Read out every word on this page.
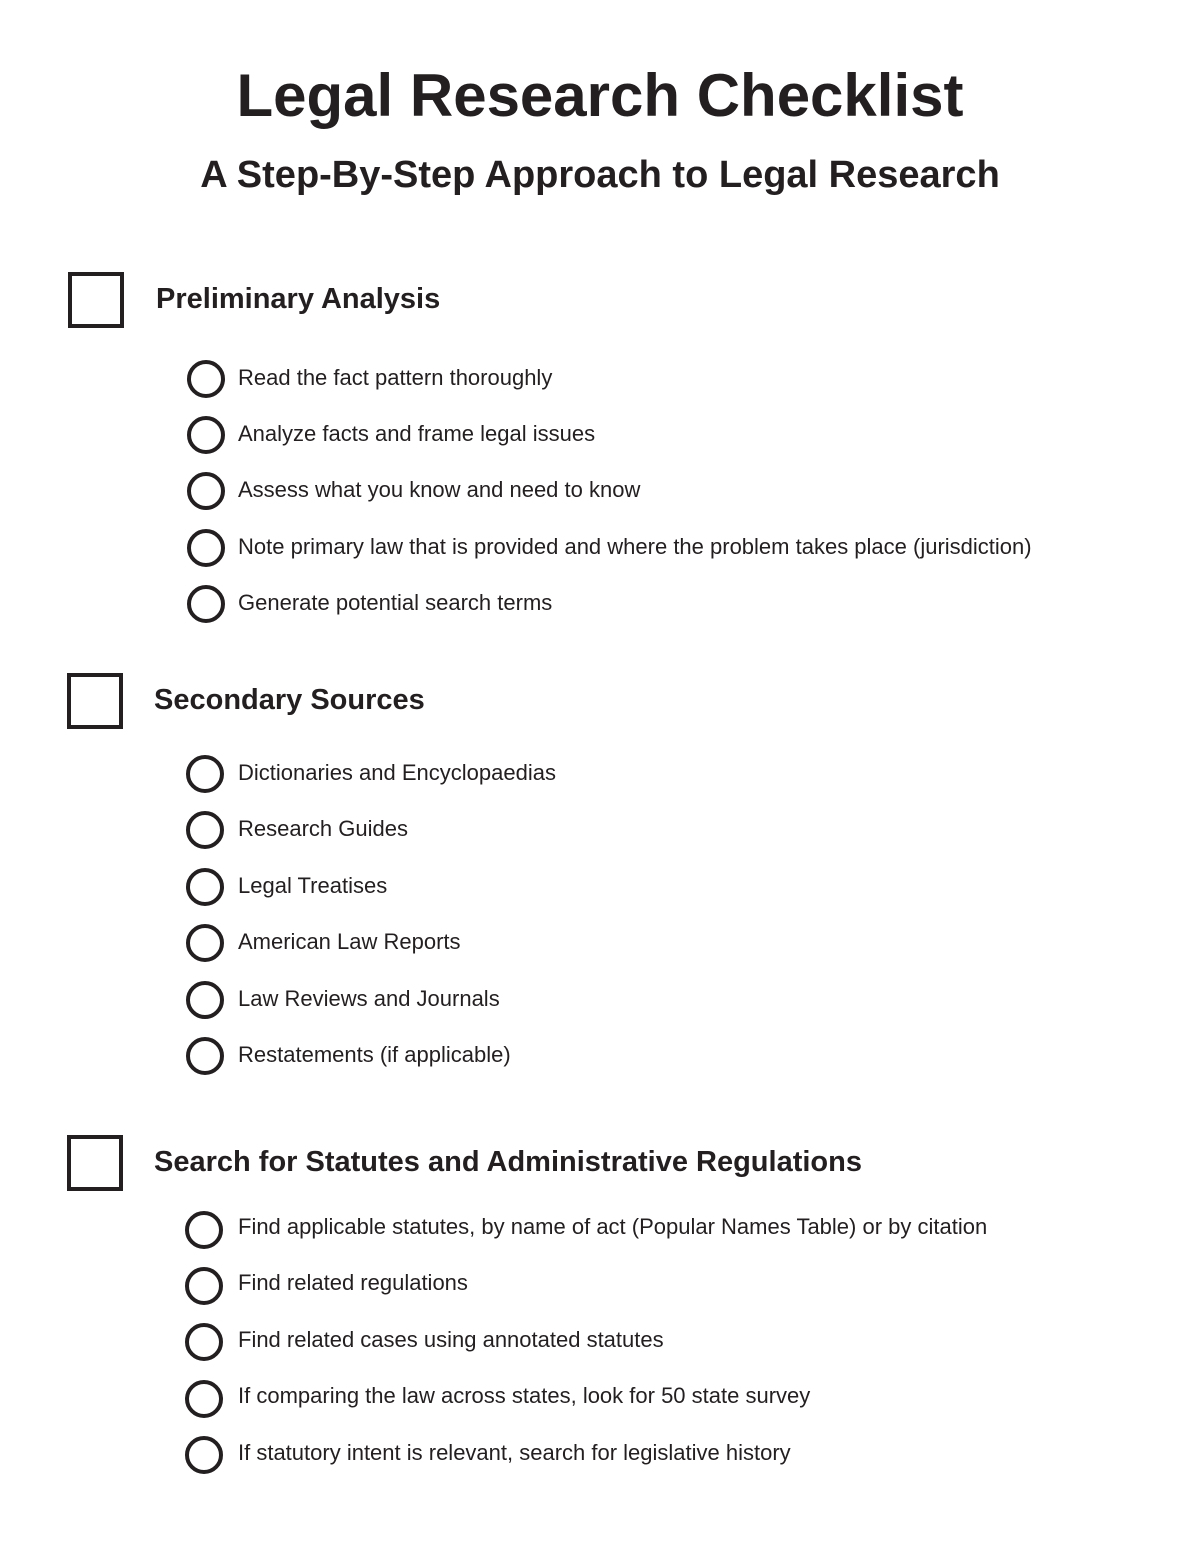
Legal Research Checklist
A Step-By-Step Approach to Legal Research
Preliminary Analysis
Read the fact pattern thoroughly
Analyze facts and frame legal issues
Assess what you know and need to know
Note primary law that is provided and where the problem takes place (jurisdiction)
Generate potential search terms
Secondary Sources
Dictionaries and Encyclopaedias
Research Guides
Legal Treatises
American Law Reports
Law Reviews and Journals
Restatements (if applicable)
Search for Statutes and Administrative Regulations
Find applicable statutes, by name of act (Popular Names Table) or by citation
Find related regulations
Find related cases using annotated statutes
If comparing the law across states, look for 50 state survey
If statutory intent is relevant, search for legislative history
